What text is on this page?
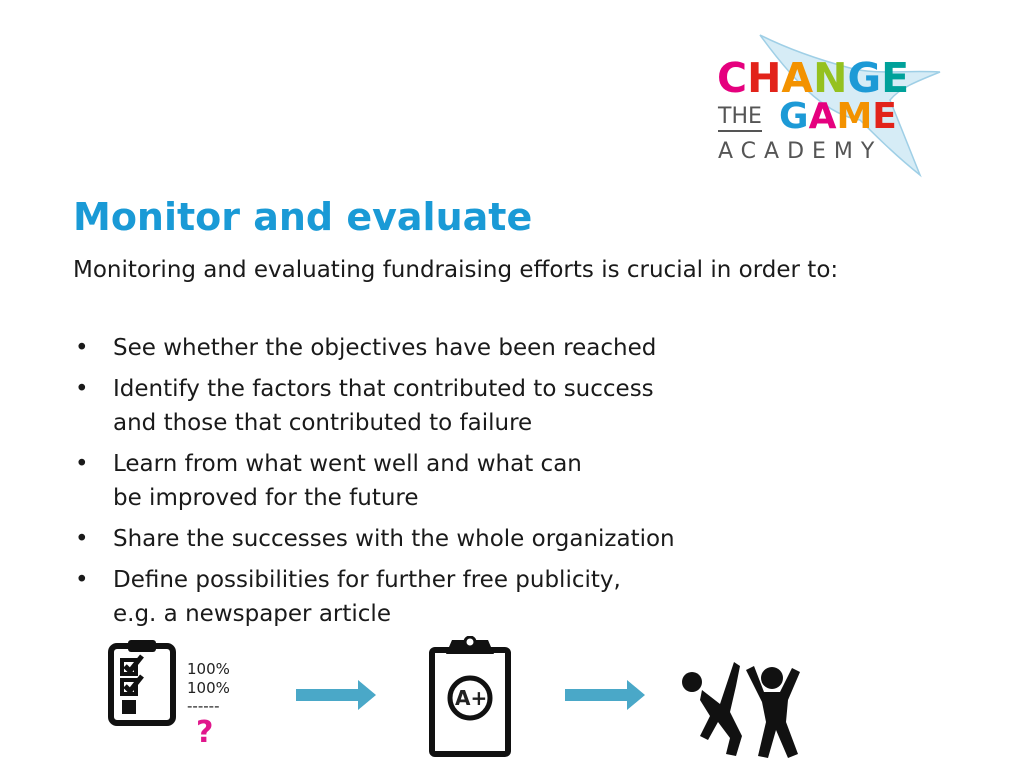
CHANGE
THE GAME
ACADEMY
Monitor and evaluate

Monitoring and evaluating fundraising efforts is crucial in order to:

• See whether the objectives have been reached
• Identify the factors that contributed to success
and those that contributed to failure
• Learn from what went well and what can
be improved for the future
• Share the successes with the whole organization
• Define possibilities for further free publicity,
e.g. a newspaper article
100%
100%
------	A+
?
